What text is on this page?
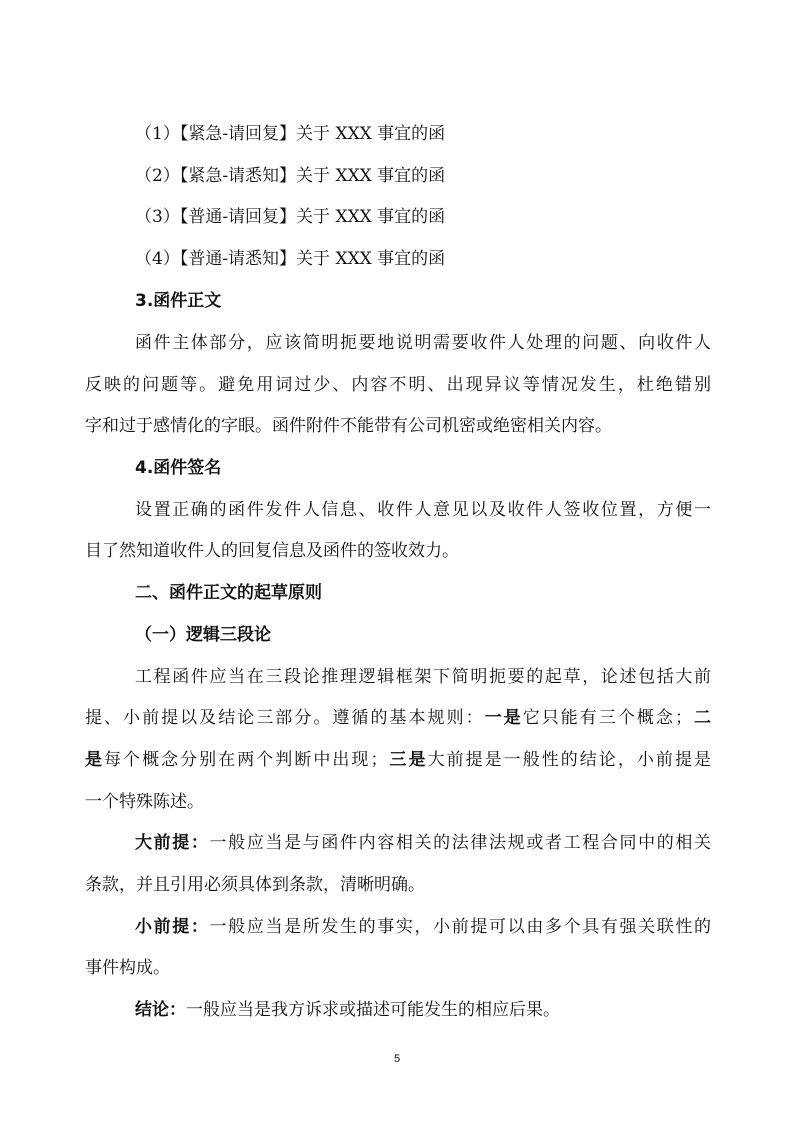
（1）【紧急-请回复】关于 XXX 事宜的函

（2）【紧急-请悉知】关于 XXX 事宜的函

（3）【普通-请回复】关于 XXX 事宜的函

（4）【普通-请悉知】关于 XXX 事宜的函

3.函件正文

函件主体部分，应该简明扼要地说明需要收件人处理的问题、向收件人

反映的问题等。避免用词过少、内容不明、出现异议等情况发生，杜绝错别

字和过于感情化的字眼。函件附件不能带有公司机密或绝密相关内容。

4.函件签名

设置正确的函件发件人信息、收件人意见以及收件人签收位置，方便一

目了然知道收件人的回复信息及函件的签收效力。

二、函件正文的起草原则

（一）逻辑三段论

工程函件应当在三段论推理逻辑框架下简明扼要的起草，论述包括大前

提、小前提以及结论三部分。遵循的基本规则：一是它只能有三个概念；二

是每个概念分别在两个判断中出现；三是大前提是一般性的结论，小前提是

一个特殊陈述。

大前提：一般应当是与函件内容相关的法律法规或者工程合同中的相关

条款，并且引用必须具体到条款，清晰明确。

小前提：一般应当是所发生的事实，小前提可以由多个具有强关联性的

事件构成。

结论：一般应当是我方诉求或描述可能发生的相应后果。

5
